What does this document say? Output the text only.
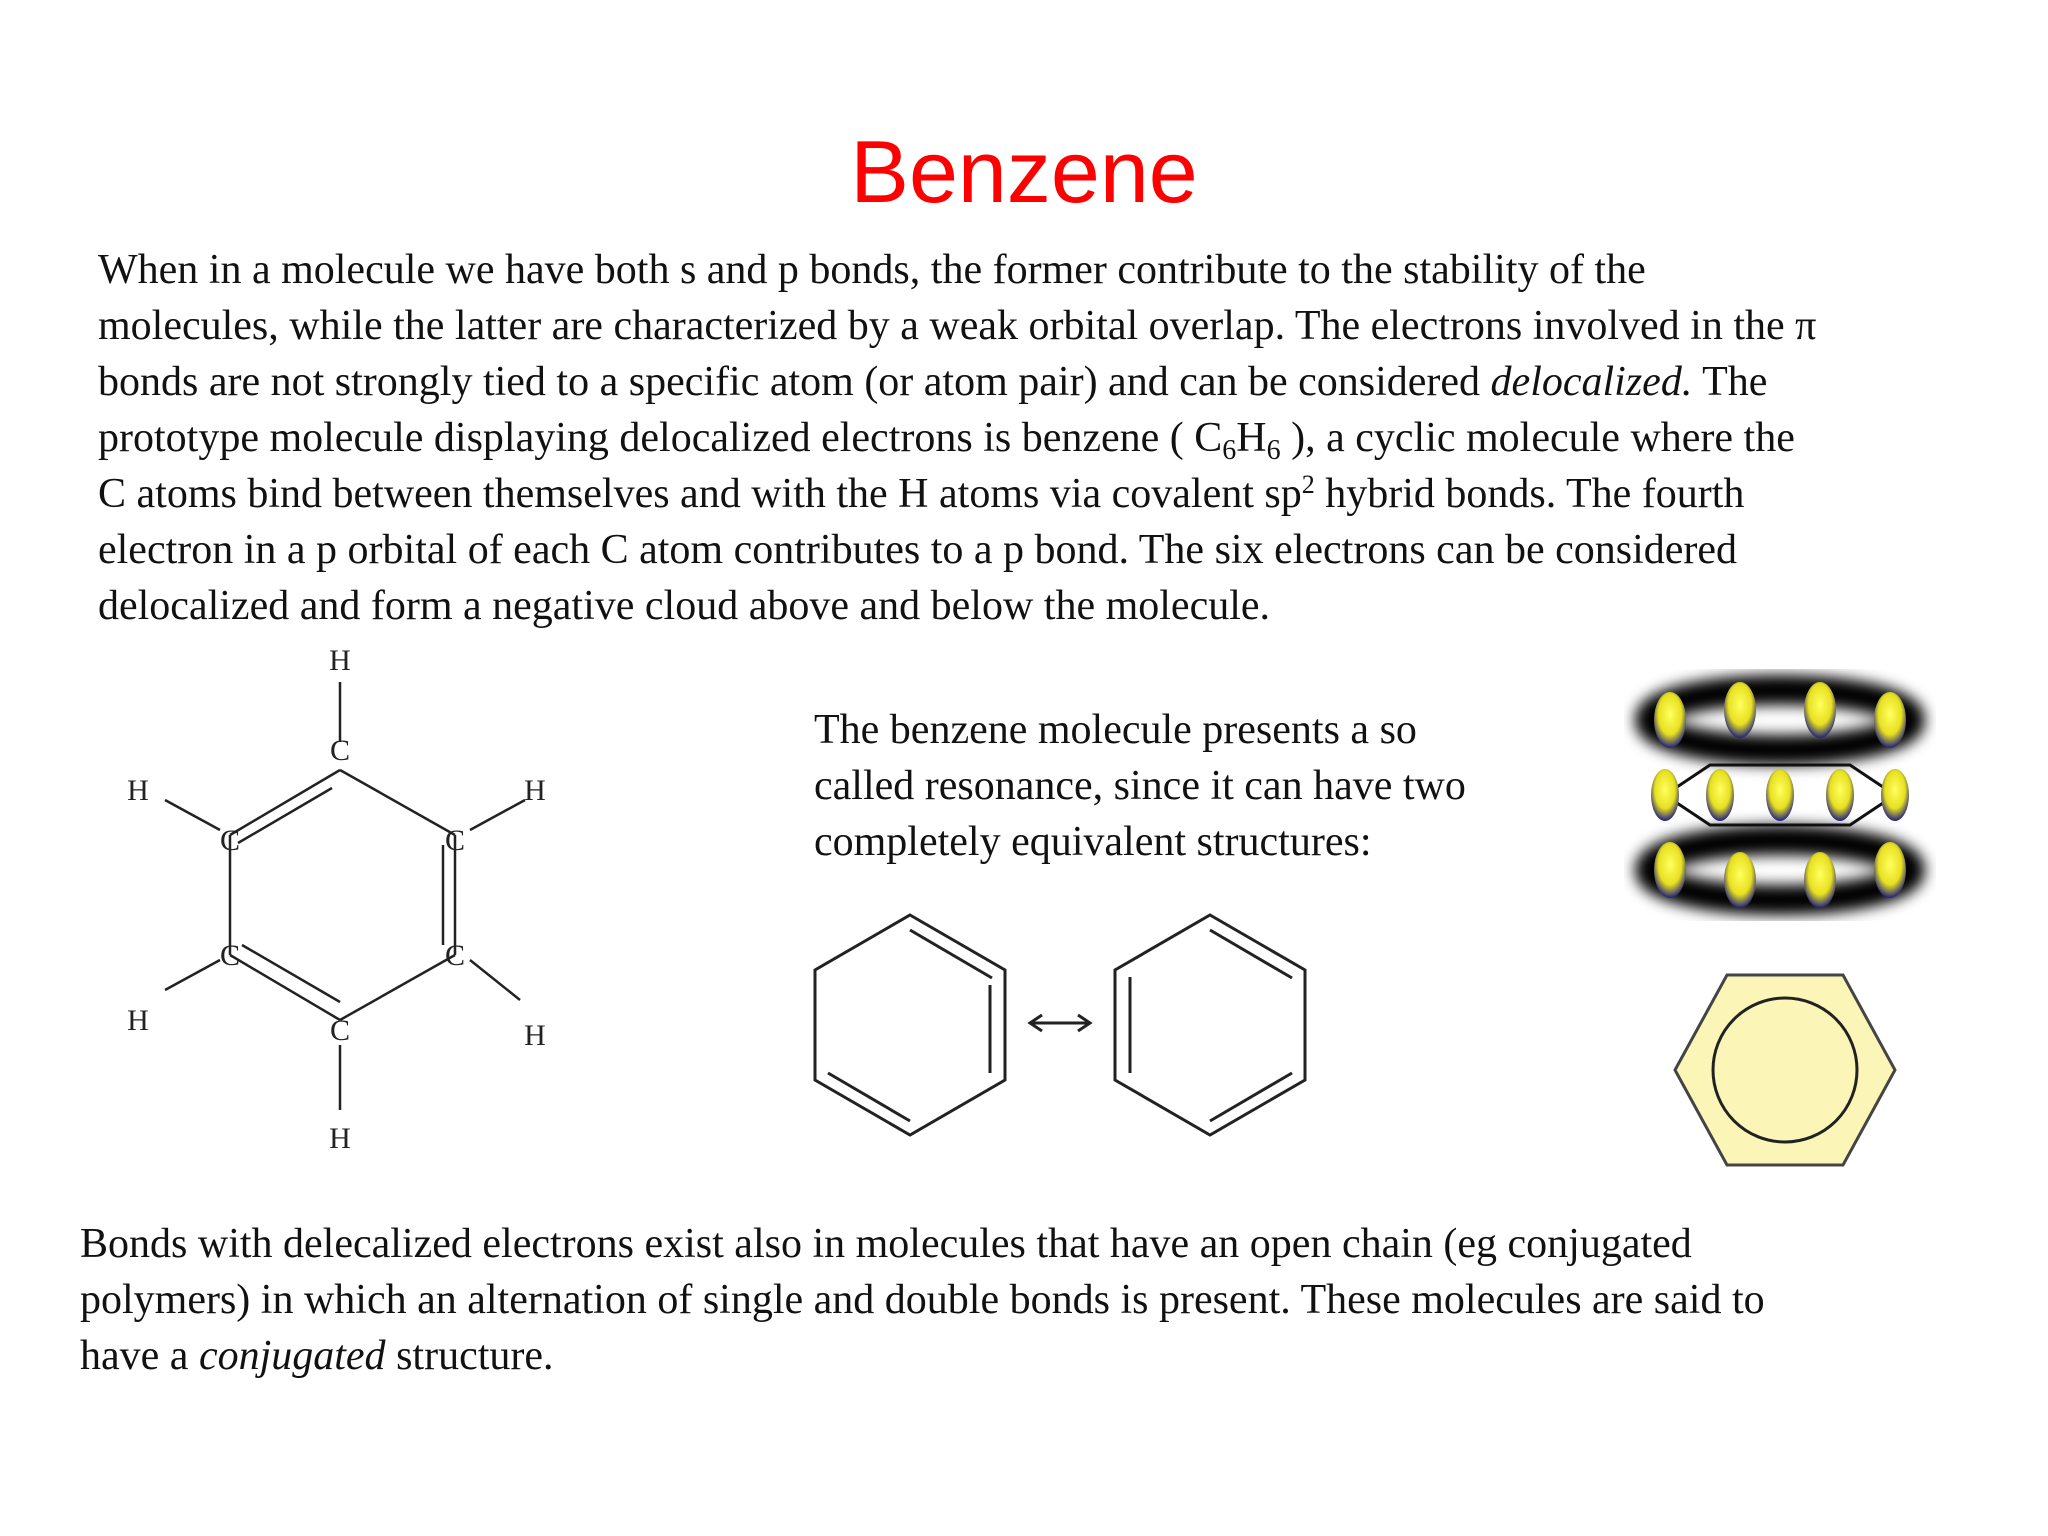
Benzene
When in a molecule we have both s and p bonds, the former contribute to the stability of the
molecules, while the latter are characterized by a weak orbital overlap. The electrons involved in the π
bonds are not strongly tied to a specific atom (or atom pair) and can be considered delocalized. The
prototype molecule displaying delocalized electrons is benzene ( $C_6H_6$ ), a cyclic molecule where the
C atoms bind between themselves and with the H atoms via covalent $sp^2$ hybrid bonds. The fourth
electron in a p orbital of each C atom contributes to a p bond. The six electrons can be considered
delocalized and form a negative cloud above and below the molecule.
C
C	C
C	C
C
H
H	H
H	H
H
The benzene molecule presents a so
called resonance, since it can have two
completely equivalent structures:
Bonds with delecalized electrons exist also in molecules that have an open chain (eg conjugated
polymers) in which an alternation of single and double bonds is present. These molecules are said to
have a conjugated structure.
